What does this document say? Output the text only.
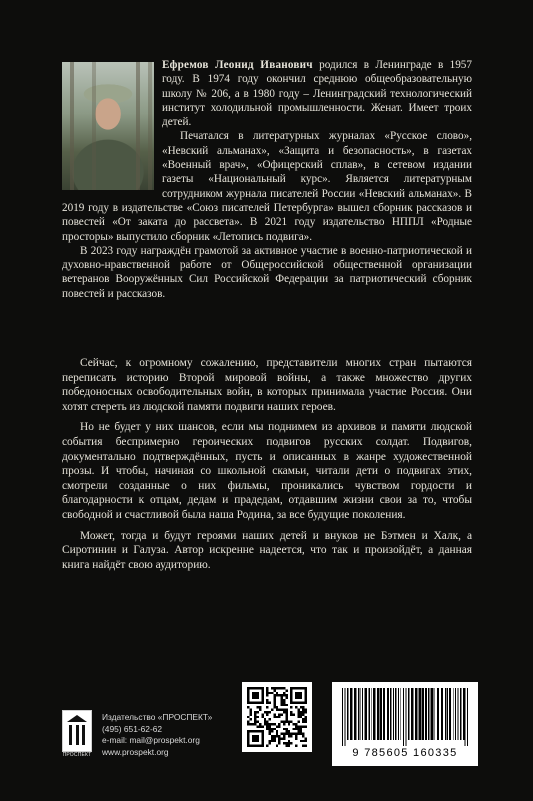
Ефремов Леонид Иванович родился в Ленинграде в 1957 году. В 1974 году окончил среднюю общеобразовательную школу № 206, а в 1980 году – Ленинградский технологический институт холодильной промышленности. Женат. Имеет троих детей.

Печатался в литературных журналах «Русское слово», «Невский альманах», «Защита и безопасность», в газетах «Военный врач», «Офицерский сплав», в сетевом издании газеты «Национальный курс». Является литературным сотрудником журнала писателей России «Невский альманах». В 2019 году в издательстве «Союз писателей Петербурга» вышел сборник рассказов и повестей «От заката до рассвета». В 2021 году издательство НППЛ «Родные просторы» выпустило сборник «Летопись подвига».

В 2023 году награждён грамотой за активное участие в военно-патриотической и духовно-нравственной работе от Общероссийской общественной организации ветеранов Вооружённых Сил Российской Федерации за патриотический сборник повестей и рассказов.

Сейчас, к огромному сожалению, представители многих стран пытаются переписать историю Второй мировой войны, а также множество других победоносных освободительных войн, в которых принимала участие Россия. Они хотят стереть из людской памяти подвиги наших героев.

Но не будет у них шансов, если мы поднимем из архивов и памяти людской события беспримерно героических подвигов русских солдат. Подвигов, документально подтверждённых, пусть и описанных в жанре художественной прозы. И чтобы, начиная со школьной скамьи, читали дети о подвигах этих, смотрели созданные о них фильмы, проникались чувством гордости и благодарности к отцам, дедам и прадедам, отдавшим жизни свои за то, чтобы свободной и счастливой была наша Родина, за все будущие поколения.

Может, тогда и будут героями наших детей и внуков не Бэтмен и Халк, а Сиротинин и Галуза. Автор искренне надеется, что так и произойдёт, а данная книга найдёт свою аудиторию.

ПРОСПЕКТ
Издательство «ПРОСПЕКТ»
(495) 651-62-62
e-mail: mail@prospekt.org
www.prospekt.org	9 785605 160335
